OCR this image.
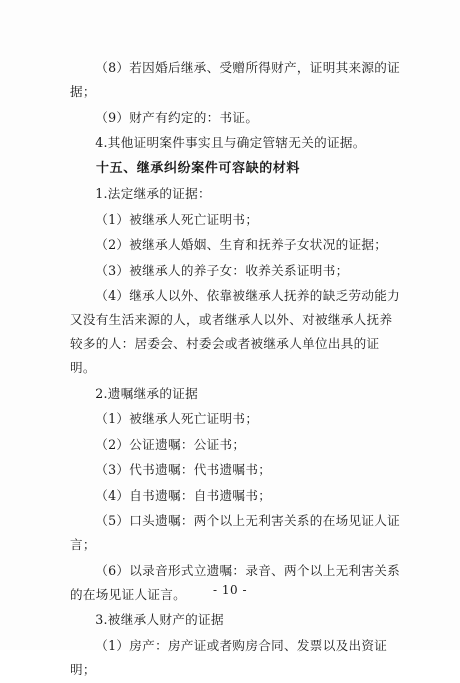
（8）若因婚后继承、受赠所得财产，证明其来源的证据；

（9）财产有约定的：书证。

4.其他证明案件事实且与确定管辖无关的证据。

十五、继承纠纷案件可容缺的材料

1.法定继承的证据：

（1）被继承人死亡证明书；

（2）被继承人婚姻、生育和抚养子女状况的证据；

（3）被继承人的养子女：收养关系证明书；

（4）继承人以外、依靠被继承人抚养的缺乏劳动能力又没有生活来源的人，或者继承人以外、对被继承人抚养较多的人：居委会、村委会或者被继承人单位出具的证明。

2.遗嘱继承的证据

（1）被继承人死亡证明书；

（2）公证遗嘱：公证书；

（3）代书遗嘱：代书遗嘱书；

（4）自书遗嘱：自书遗嘱书；

（5）口头遗嘱：两个以上无利害关系的在场见证人证言；

（6）以录音形式立遗嘱：录音、两个以上无利害关系的在场见证人证言。

3.被继承人财产的证据

（1）房产：房产证或者购房合同、发票以及出资证明；

- 10 -
